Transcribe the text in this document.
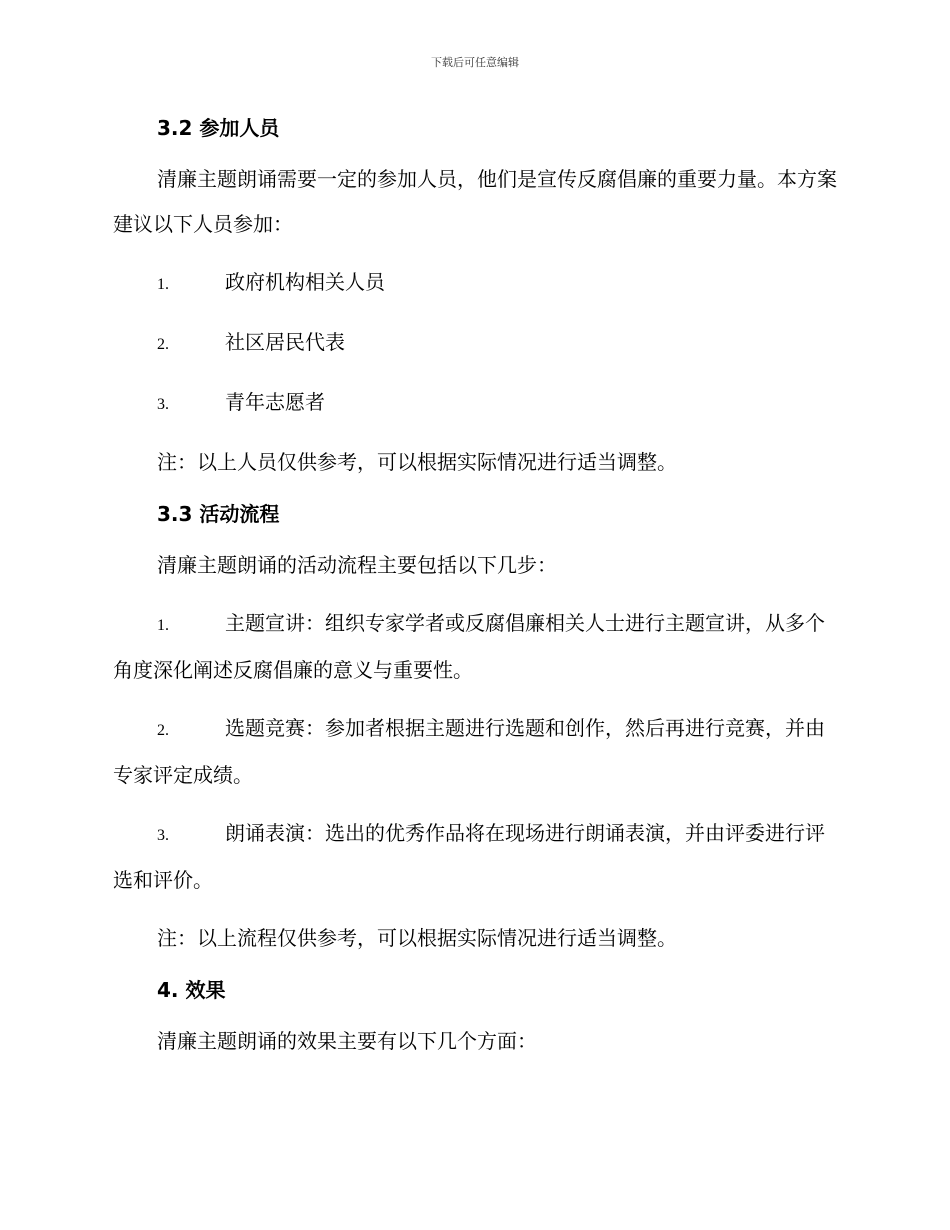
下载后可任意编辑
3.2 参加人员

清廉主题朗诵需要一定的参加人员，他们是宣传反腐倡廉的重要力量。本方案建议以下人员参加：

1.	政府机构相关人员

2.	社区居民代表

3.	青年志愿者

注：以上人员仅供参考，可以根据实际情况进行适当调整。

3.3 活动流程

清廉主题朗诵的活动流程主要包括以下几步：

1.	主题宣讲：组织专家学者或反腐倡廉相关人士进行主题宣讲，从多个角度深化阐述反腐倡廉的意义与重要性。

2.	选题竞赛：参加者根据主题进行选题和创作，然后再进行竞赛，并由专家评定成绩。

3.	朗诵表演：选出的优秀作品将在现场进行朗诵表演，并由评委进行评选和评价。

注：以上流程仅供参考，可以根据实际情况进行适当调整。

4. 效果

清廉主题朗诵的效果主要有以下几个方面：
